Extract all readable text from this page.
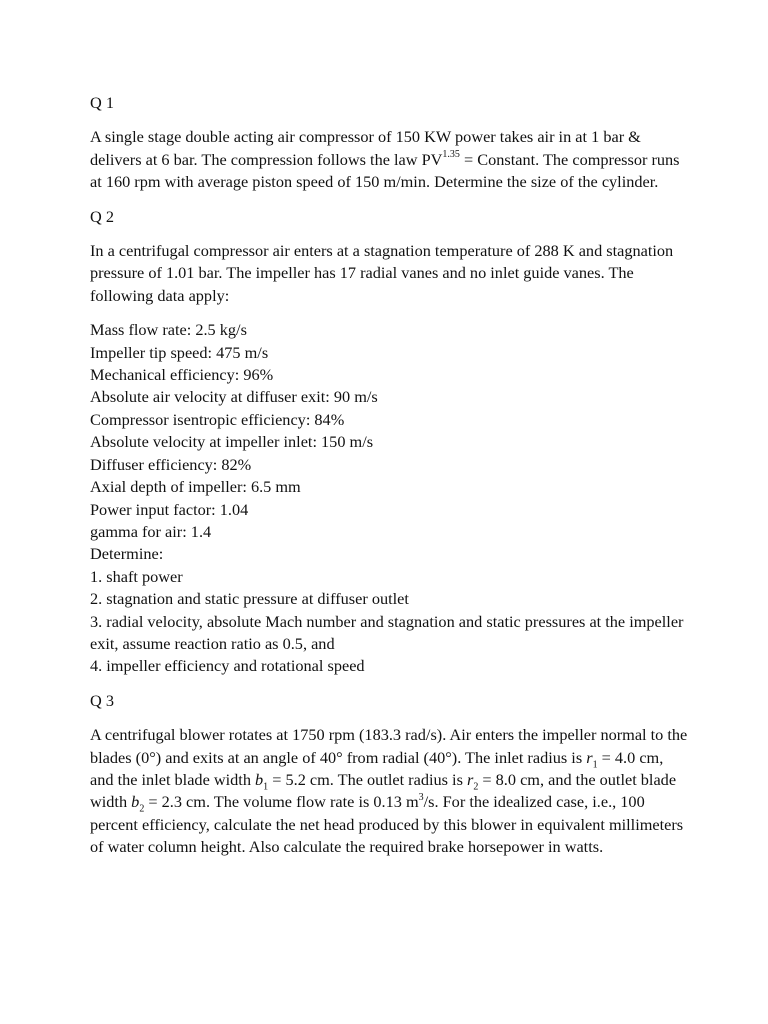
Q 1
A single stage double acting air compressor of 150 KW power takes air in at 1 bar & delivers at 6 bar. The compression follows the law $PV^{1.35}$ = Constant. The compressor runs at 160 rpm with average piston speed of 150 m/min. Determine the size of the cylinder.
Q 2
In a centrifugal compressor air enters at a stagnation temperature of 288 K and stagnation pressure of 1.01 bar. The impeller has 17 radial vanes and no inlet guide vanes. The following data apply:
Mass flow rate: 2.5 kg/s
Impeller tip speed: 475 m/s
Mechanical efficiency: 96%
Absolute air velocity at diffuser exit: 90 m/s
Compressor isentropic efficiency: 84%
Absolute velocity at impeller inlet: 150 m/s
Diffuser efficiency: 82%
Axial depth of impeller: 6.5 mm
Power input factor: 1.04
gamma for air: 1.4
Determine:
1. shaft power
2. stagnation and static pressure at diffuser outlet
3. radial velocity, absolute Mach number and stagnation and static pressures at the impeller exit, assume reaction ratio as 0.5, and
4. impeller efficiency and rotational speed
Q 3
A centrifugal blower rotates at 1750 rpm (183.3 rad/s). Air enters the impeller normal to the blades (0°) and exits at an angle of 40° from radial (40°). The inlet radius is $r_1 = 4.0$ cm, and the inlet blade width $b_1 = 5.2$ cm. The outlet radius is $r_2 = 8.0$ cm, and the outlet blade width $b_2 = 2.3$ cm. The volume flow rate is 0.13 $m^3/s$. For the idealized case, i.e., 100 percent efficiency, calculate the net head produced by this blower in equivalent millimeters of water column height. Also calculate the required brake horsepower in watts.
